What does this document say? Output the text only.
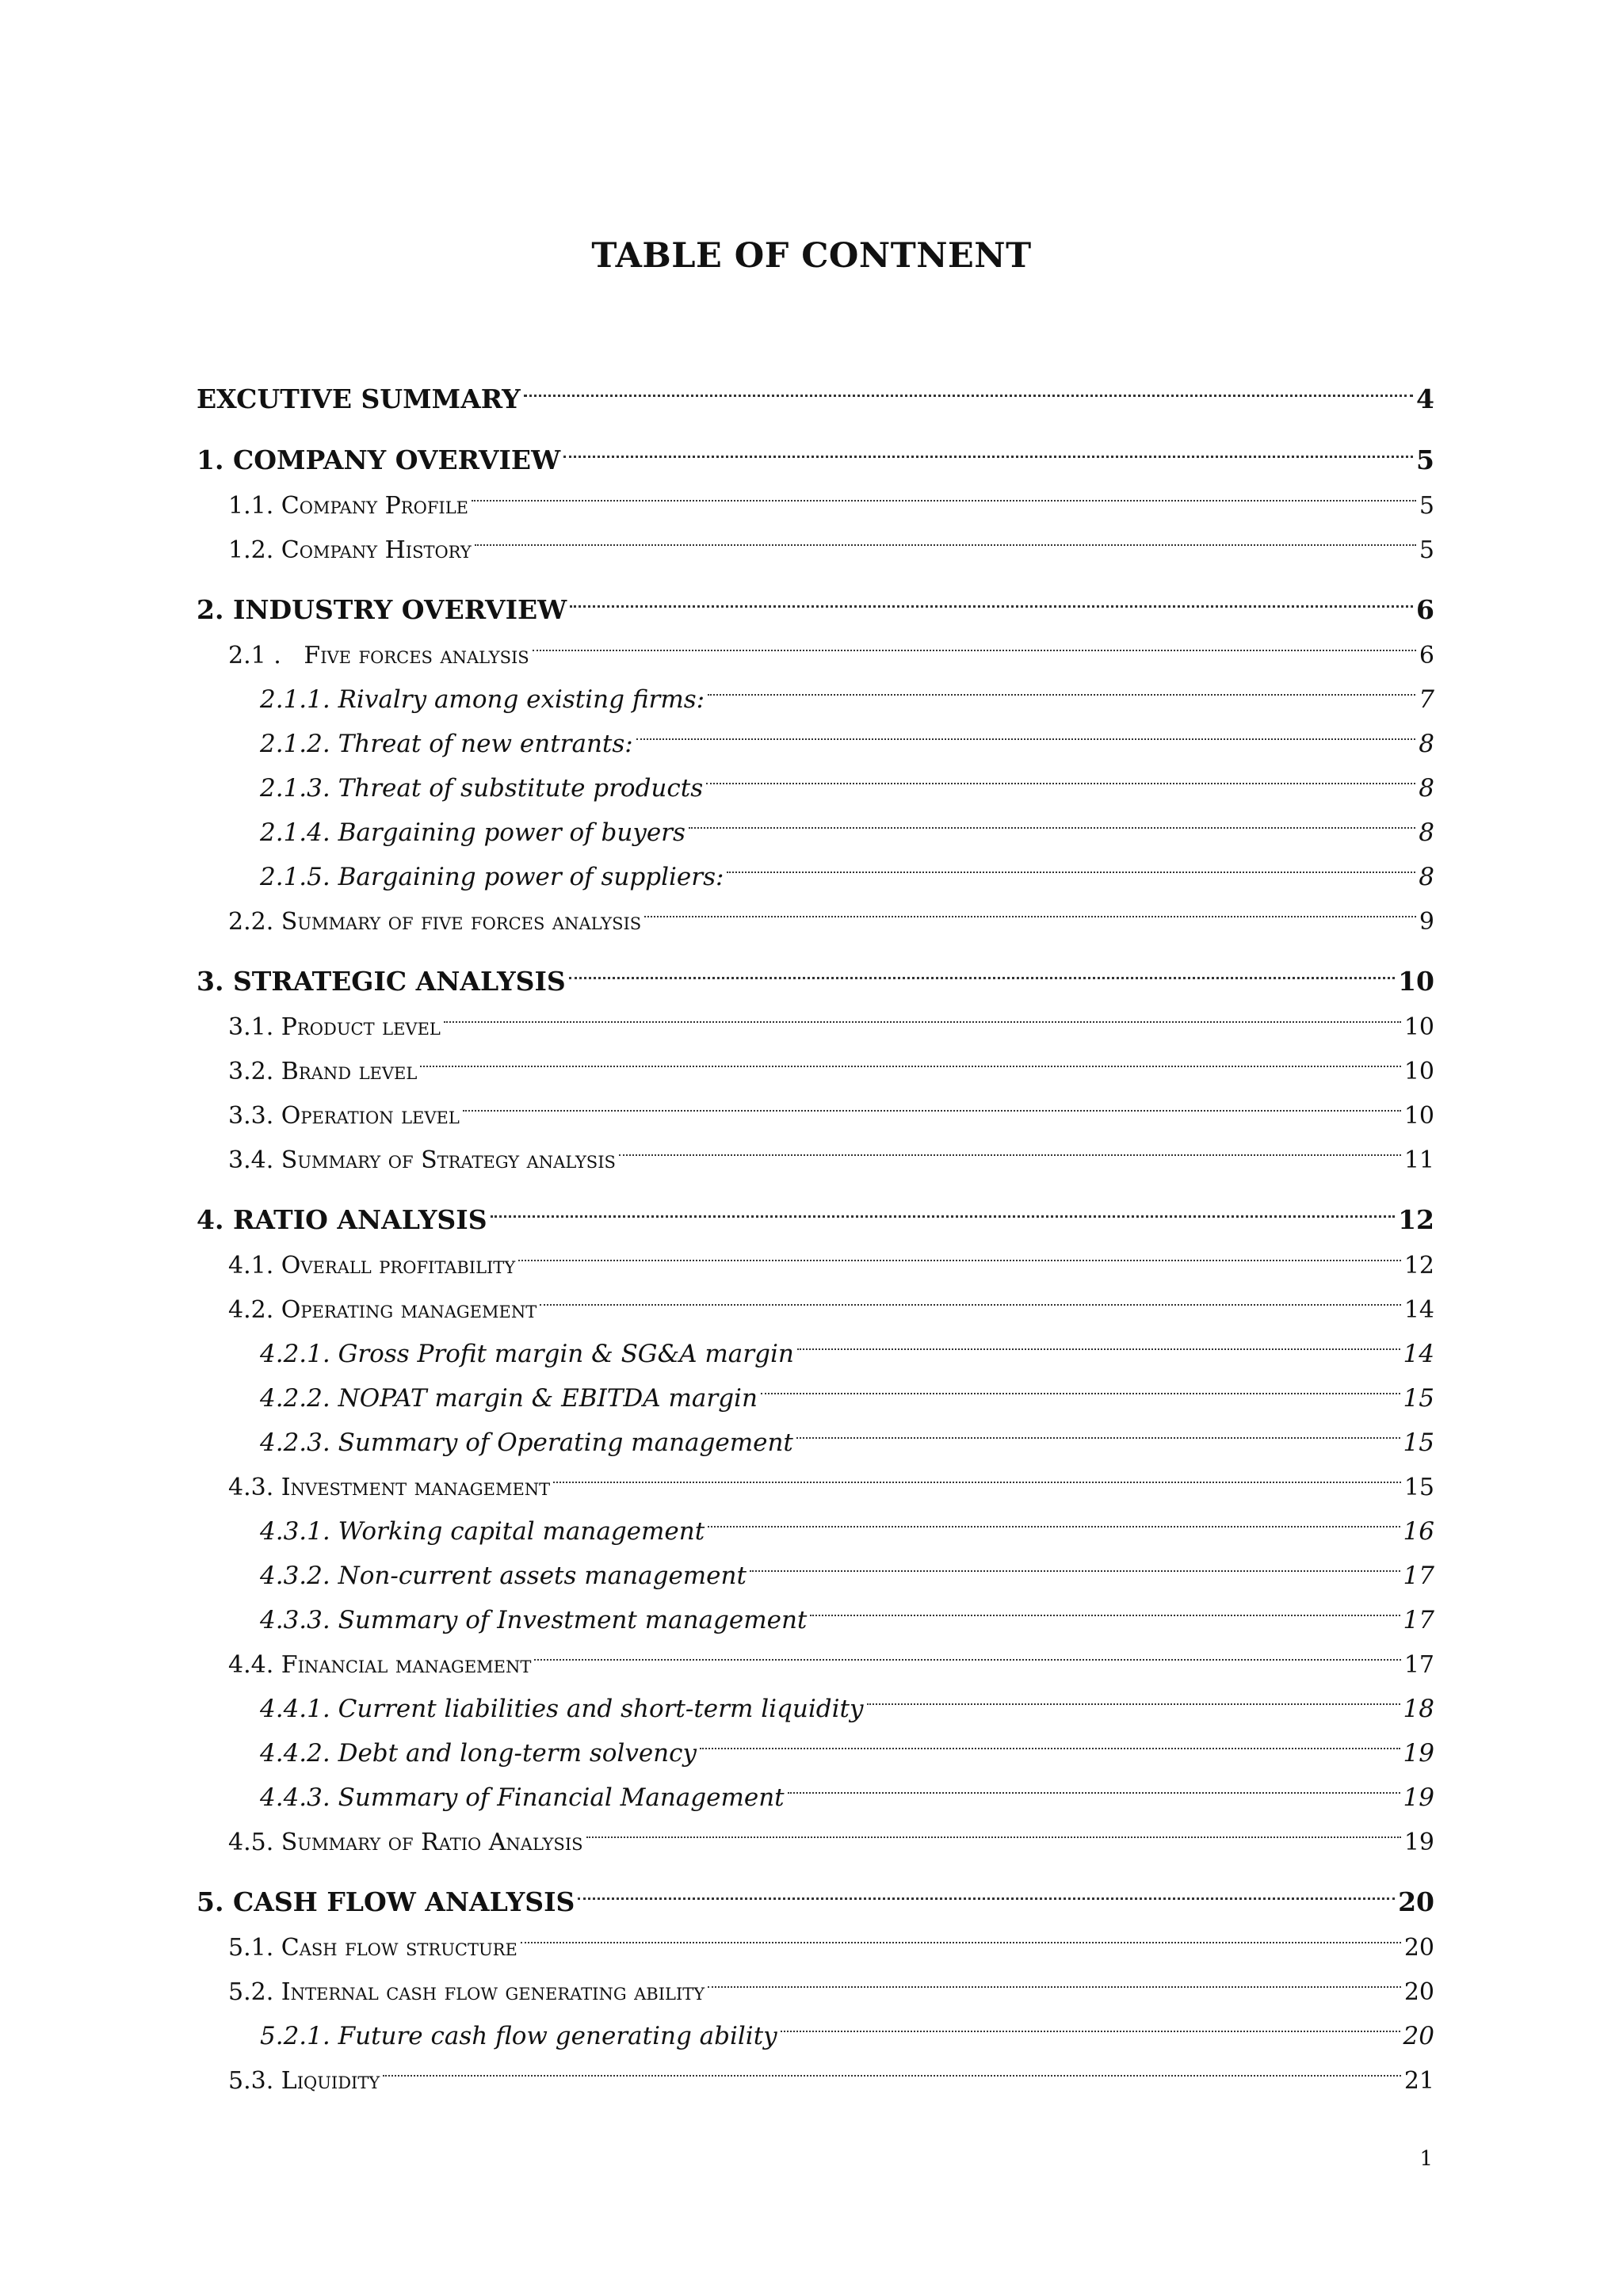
TABLE OF CONTNENT
EXCUTIVE SUMMARY	4
1. COMPANY OVERVIEW	5
1.1. Company Profile	5
1.2. Company History	5
2. INDUSTRY OVERVIEW	6
2.1 .   Five forces analysis	6
2.1.1. Rivalry among existing firms:	7
2.1.2. Threat of new entrants:	8
2.1.3. Threat of substitute products	8
2.1.4. Bargaining power of buyers	8
2.1.5. Bargaining power of suppliers:	8
2.2. Summary of five forces analysis	9
3. STRATEGIC ANALYSIS	10
3.1. Product level	10
3.2. Brand level	10
3.3. Operation level	10
3.4. Summary of Strategy analysis	11
4. RATIO ANALYSIS	12
4.1. Overall profitability	12
4.2. Operating management	14
4.2.1. Gross Profit margin & SG&A margin	14
4.2.2. NOPAT margin & EBITDA margin	15
4.2.3. Summary of Operating management	15
4.3. Investment management	15
4.3.1. Working capital management	16
4.3.2. Non-current assets management	17
4.3.3. Summary of Investment management	17
4.4. Financial management	17
4.4.1. Current liabilities and short-term liquidity	18
4.4.2. Debt and long-term solvency	19
4.4.3. Summary of Financial Management	19
4.5. Summary of Ratio Analysis	19
5. CASH FLOW ANALYSIS	20
5.1. Cash flow structure	20
5.2. Internal cash flow generating ability	20
5.2.1. Future cash flow generating ability	20
5.3. Liquidity	21
1
